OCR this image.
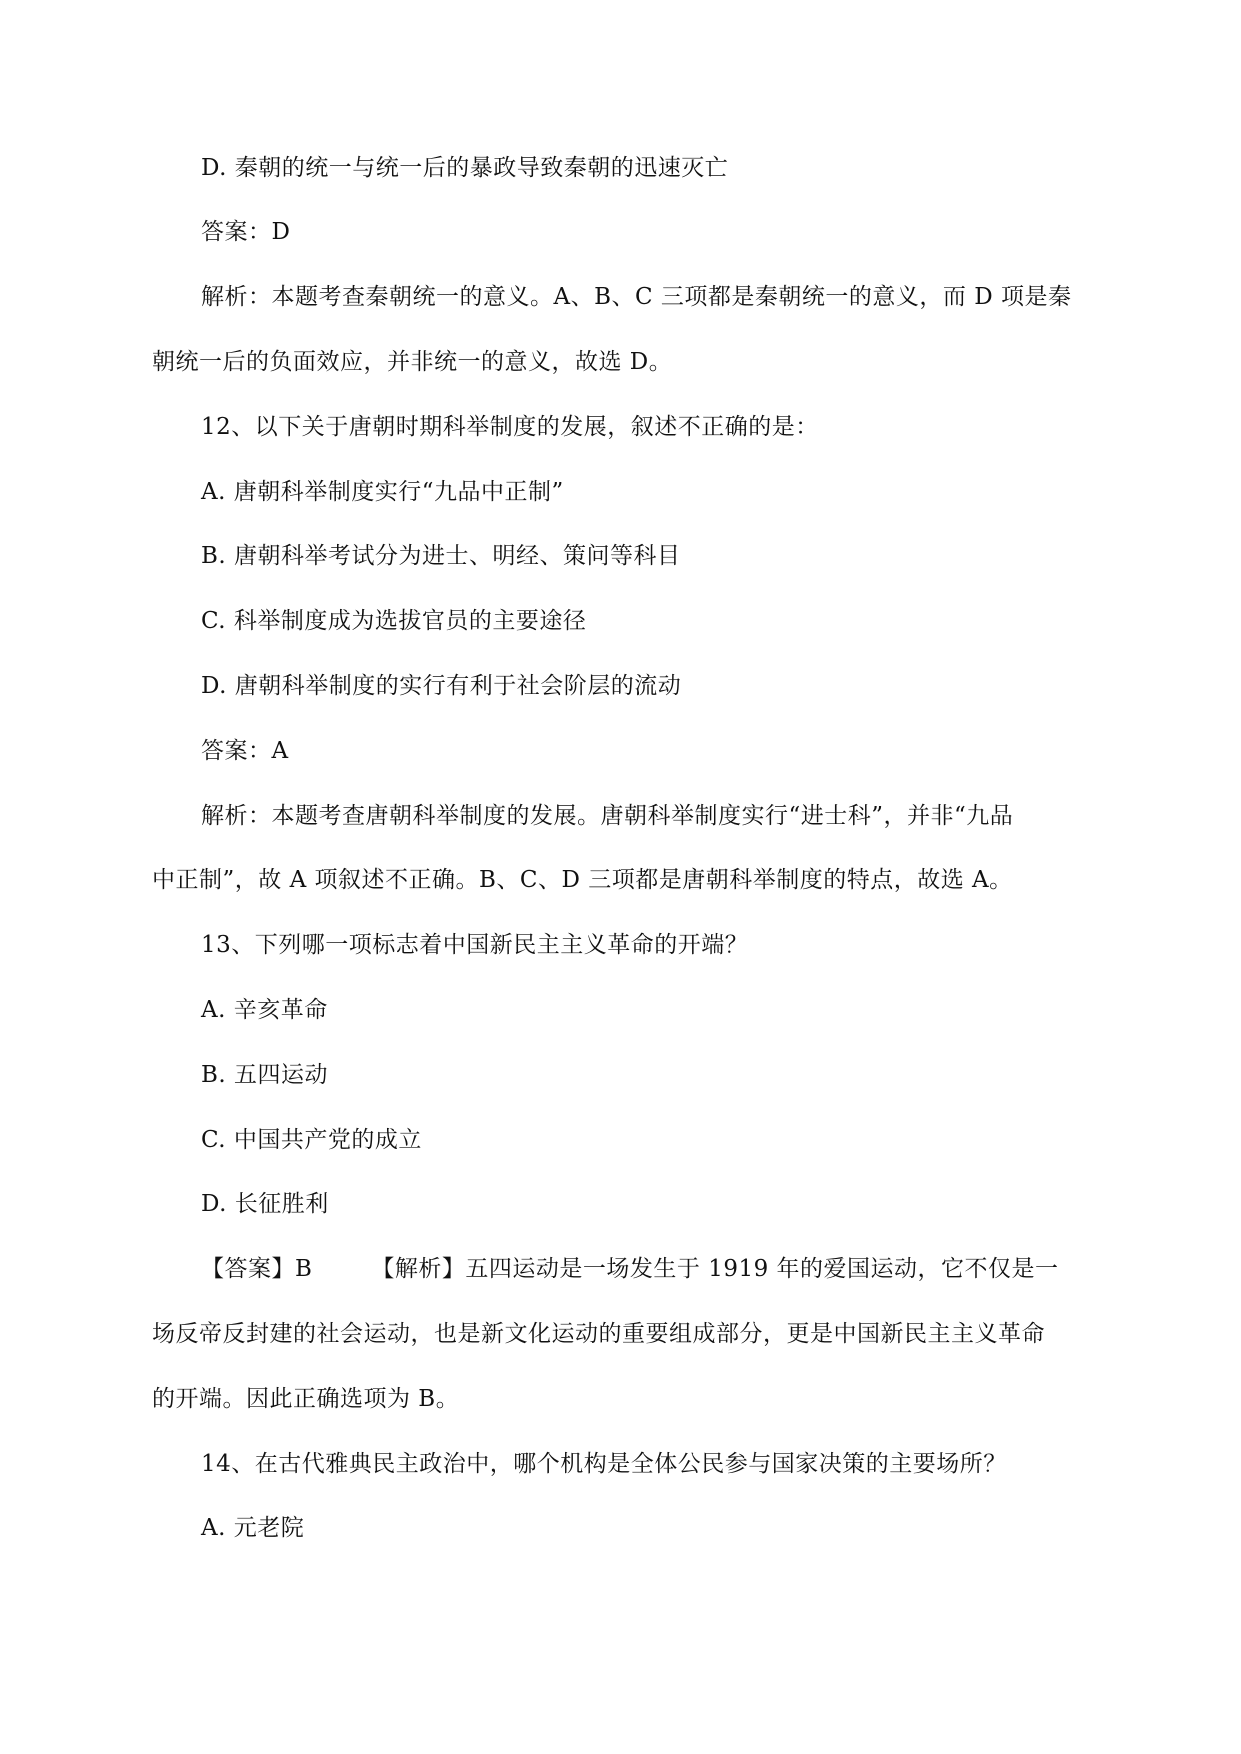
D. 秦朝的统一与统一后的暴政导致秦朝的迅速灭亡
答案：D
解析：本题考查秦朝统一的意义。A、B、C 三项都是秦朝统一的意义，而 D 项是秦
朝统一后的负面效应，并非统一的意义，故选 D。
12、以下关于唐朝时期科举制度的发展，叙述不正确的是：
A. 唐朝科举制度实行“九品中正制”
B. 唐朝科举考试分为进士、明经、策问等科目
C. 科举制度成为选拔官员的主要途径
D. 唐朝科举制度的实行有利于社会阶层的流动
答案：A
解析：本题考查唐朝科举制度的发展。唐朝科举制度实行“进士科”，并非“九品
中正制”，故 A 项叙述不正确。B、C、D 三项都是唐朝科举制度的特点，故选 A。
13、下列哪一项标志着中国新民主主义革命的开端？
A. 辛亥革命
B. 五四运动
C. 中国共产党的成立
D. 长征胜利
【答案】B　　　【解析】五四运动是一场发生于 1919 年的爱国运动，它不仅是一
场反帝反封建的社会运动，也是新文化运动的重要组成部分，更是中国新民主主义革命
的开端。因此正确选项为 B。
14、在古代雅典民主政治中，哪个机构是全体公民参与国家决策的主要场所？
A. 元老院
